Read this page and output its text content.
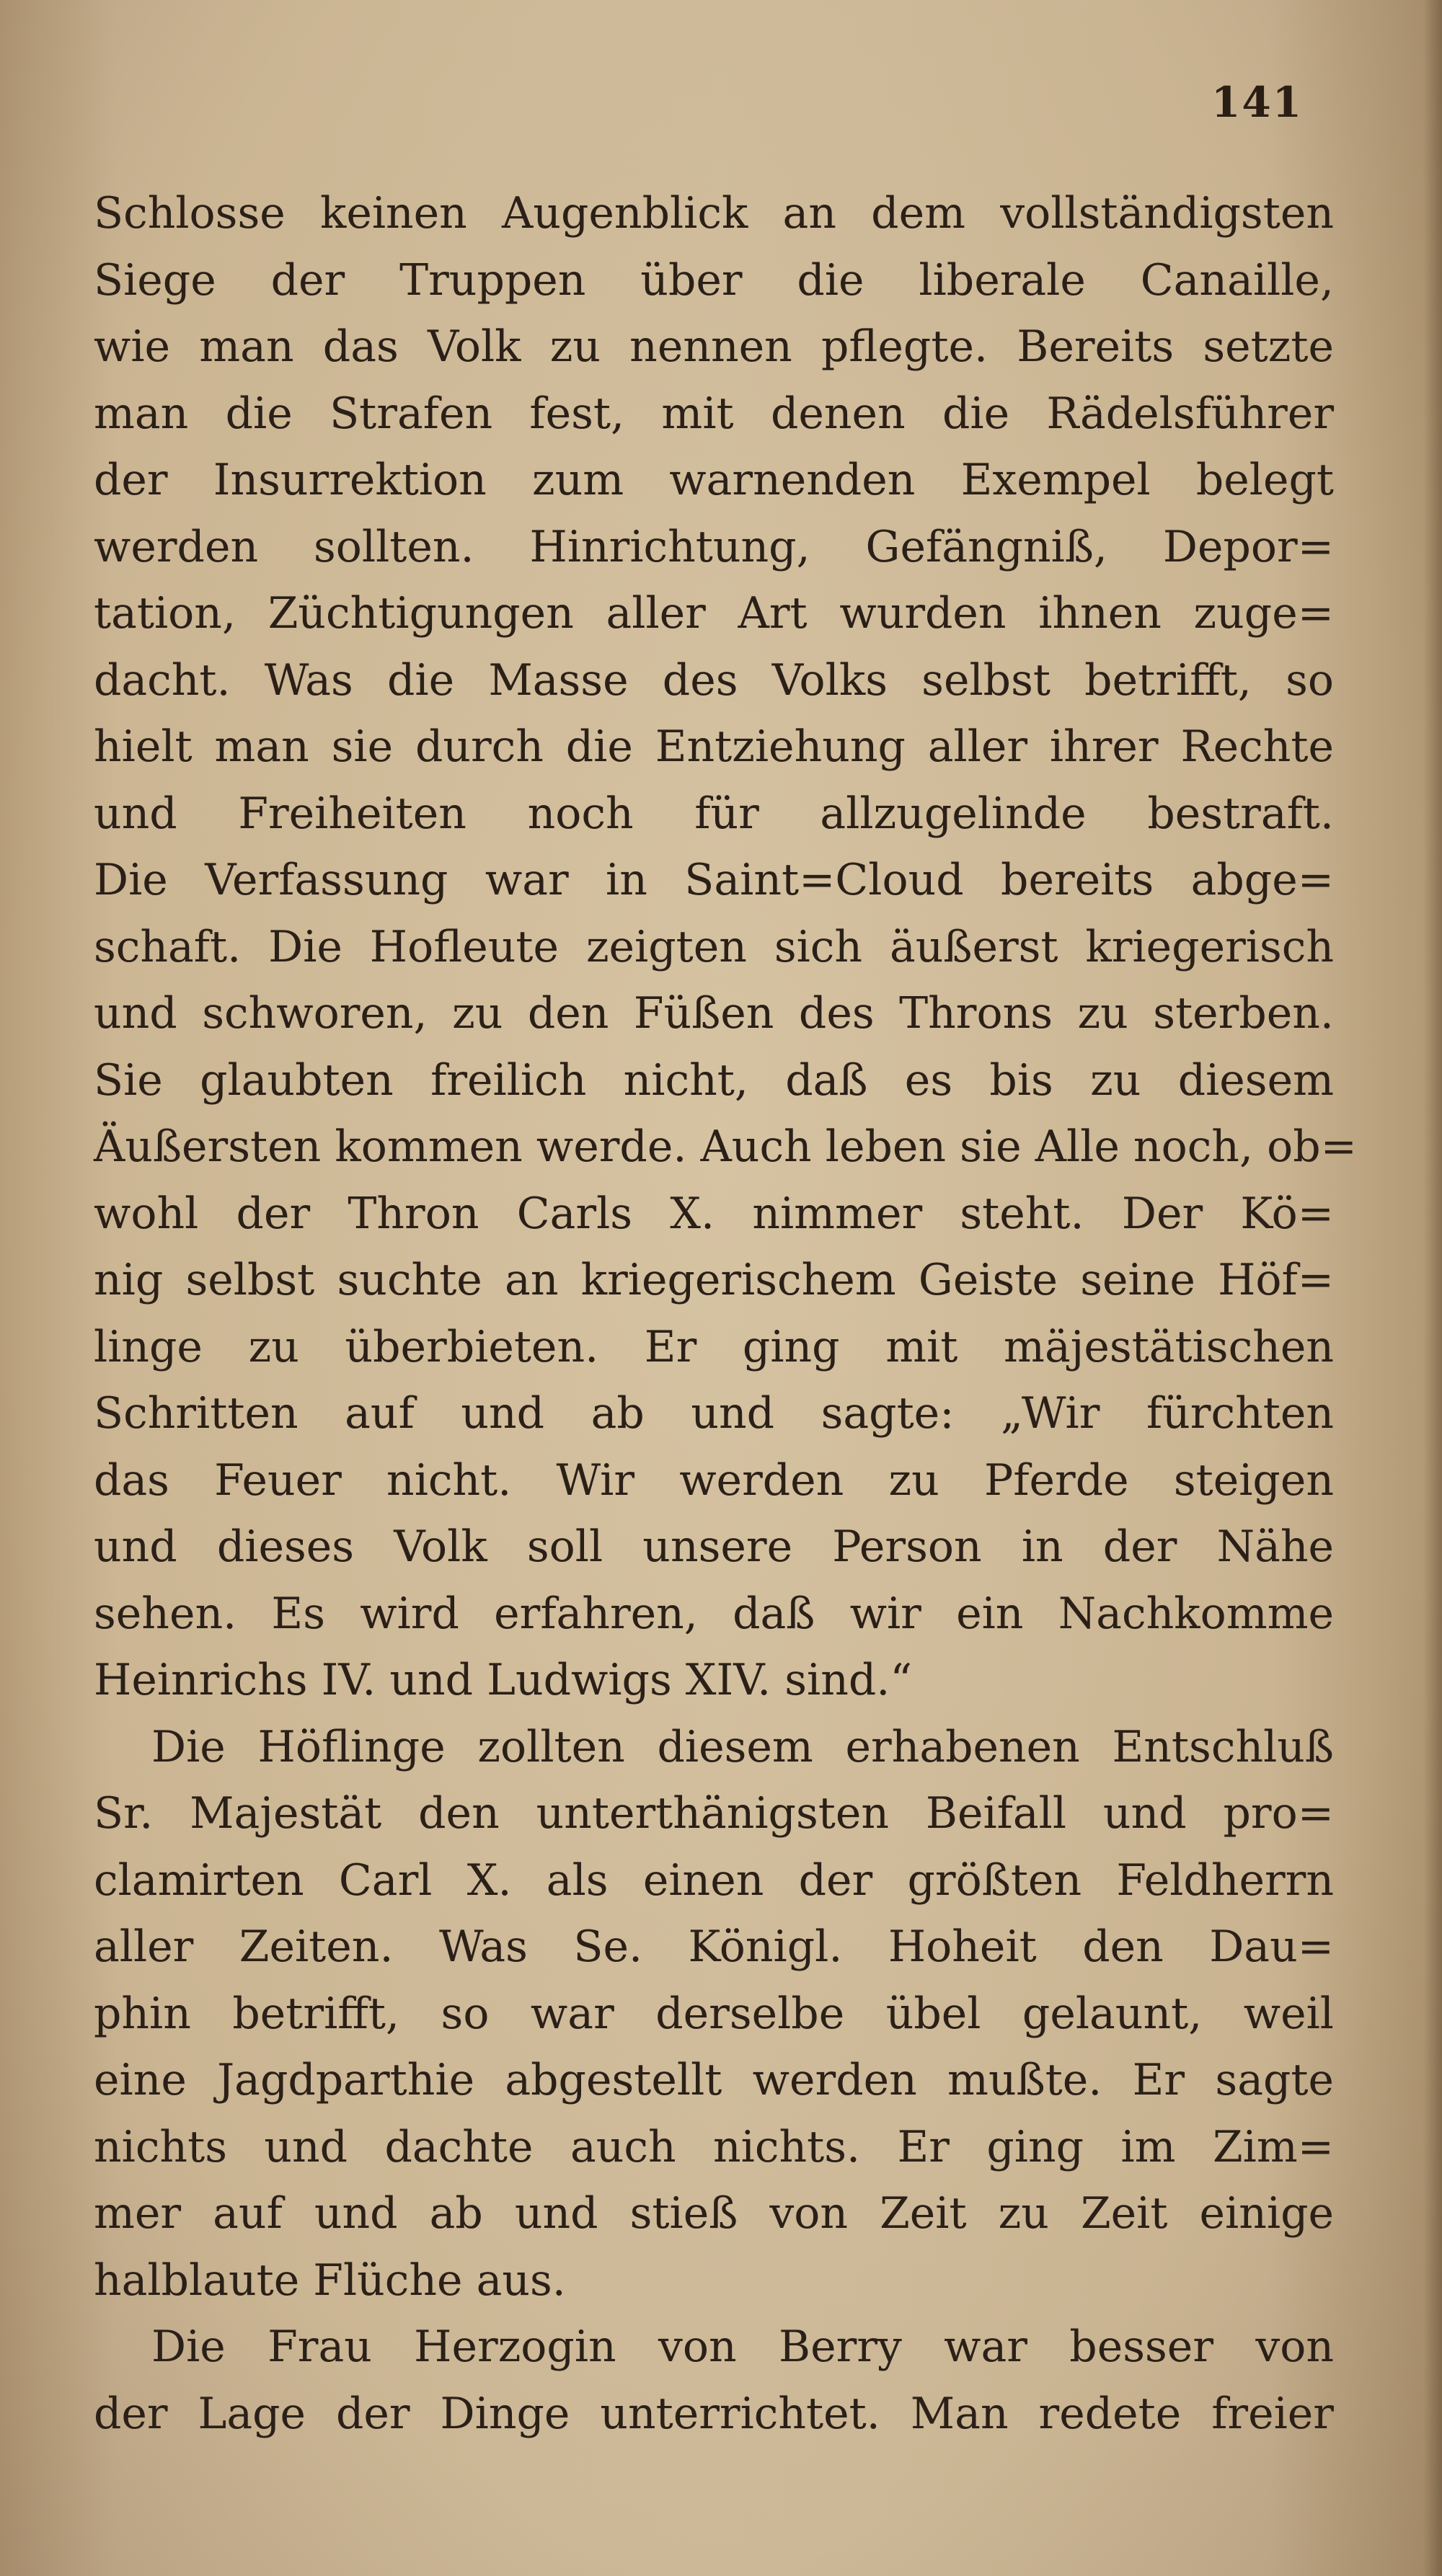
141
Schlosse keinen Augenblick an dem vollständigsten
Siege der Truppen über die liberale Canaille,
wie man das Volk zu nennen pflegte. Bereits setzte
man die Strafen fest, mit denen die Rädelsführer
der Insurrektion zum warnenden Exempel belegt
werden sollten. Hinrichtung, Gefängniß, Depor=
tation, Züchtigungen aller Art wurden ihnen zuge=
dacht. Was die Masse des Volks selbst betrifft, so
hielt man sie durch die Entziehung aller ihrer Rechte
und Freiheiten noch für allzugelinde bestraft.
Die Verfassung war in Saint=Cloud bereits abge=
schaft. Die Hofleute zeigten sich äußerst kriegerisch
und schworen, zu den Füßen des Throns zu sterben.
Sie glaubten freilich nicht, daß es bis zu diesem
Äußersten kommen werde. Auch leben sie Alle noch, ob=
wohl der Thron Carls X. nimmer steht. Der Kö=
nig selbst suchte an kriegerischem Geiste seine Höf=
linge zu überbieten. Er ging mit mäjestätischen
Schritten auf und ab und sagte: „Wir fürchten
das Feuer nicht. Wir werden zu Pferde steigen
und dieses Volk soll unsere Person in der Nähe
sehen. Es wird erfahren, daß wir ein Nachkomme
Heinrichs IV. und Ludwigs XIV. sind.“
Die Höflinge zollten diesem erhabenen Entschluß
Sr. Majestät den unterthänigsten Beifall und pro=
clamirten Carl X. als einen der größten Feldherrn
aller Zeiten. Was Se. Königl. Hoheit den Dau=
phin betrifft, so war derselbe übel gelaunt, weil
eine Jagdparthie abgestellt werden mußte. Er sagte
nichts und dachte auch nichts. Er ging im Zim=
mer auf und ab und stieß von Zeit zu Zeit einige
halblaute Flüche aus.
Die Frau Herzogin von Berry war besser von
der Lage der Dinge unterrichtet. Man redete freier
